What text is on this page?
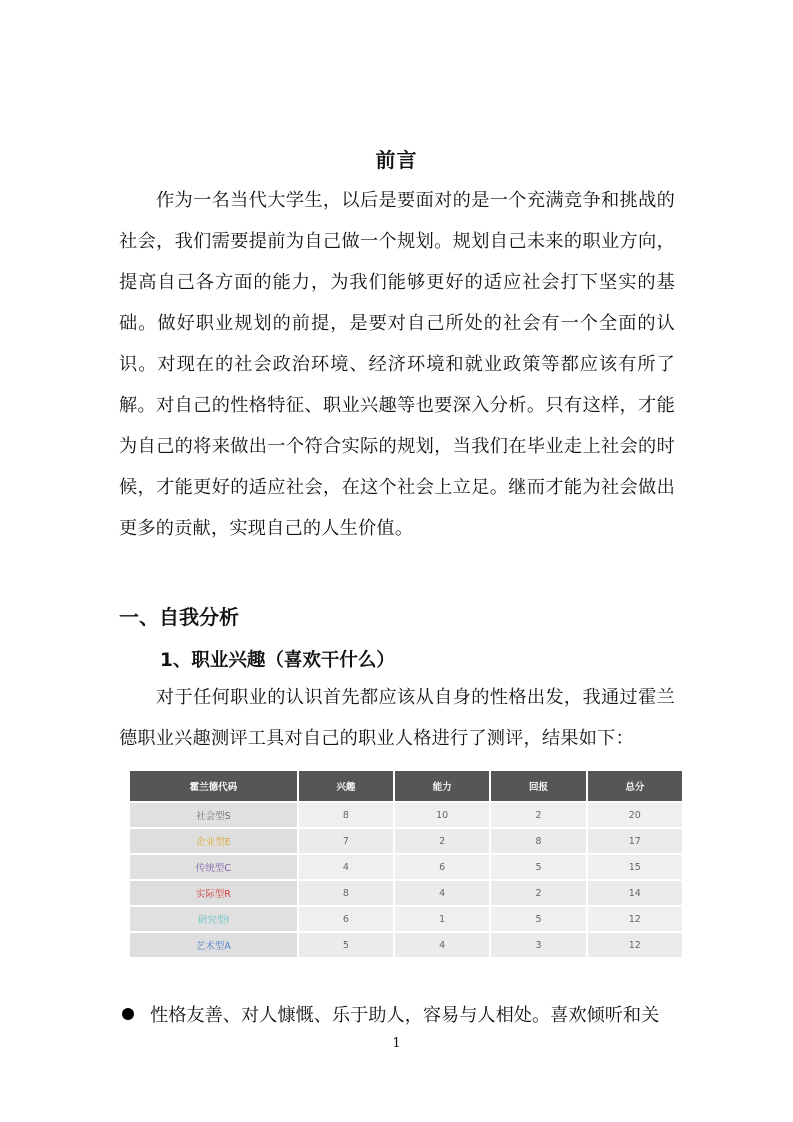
前言
作为一名当代大学生，以后是要面对的是一个充满竞争和挑战的社会，我们需要提前为自己做一个规划。规划自己未来的职业方向，提高自己各方面的能力，为我们能够更好的适应社会打下坚实的基础。做好职业规划的前提，是要对自己所处的社会有一个全面的认识。对现在的社会政治环境、经济环境和就业政策等都应该有所了解。对自己的性格特征、职业兴趣等也要深入分析。只有这样，才能为自己的将来做出一个符合实际的规划，当我们在毕业走上社会的时候，才能更好的适应社会，在这个社会上立足。继而才能为社会做出更多的贡献，实现自己的人生价值。
一、自我分析
1、职业兴趣（喜欢干什么）
对于任何职业的认识首先都应该从自身的性格出发，我通过霍兰德职业兴趣测评工具对自己的职业人格进行了测评，结果如下：
霍兰德代码	兴趣	能力	回报	总分
社会型S	8	10	2	20
企业型E	7	2	8	17
传统型C	4	6	5	15
实际型R	8	4	2	14
研究型I	6	1	5	12
艺术型A	5	4	3	12
性格友善、对人慷慨、乐于助人，容易与人相处。喜欢倾听和关
1
